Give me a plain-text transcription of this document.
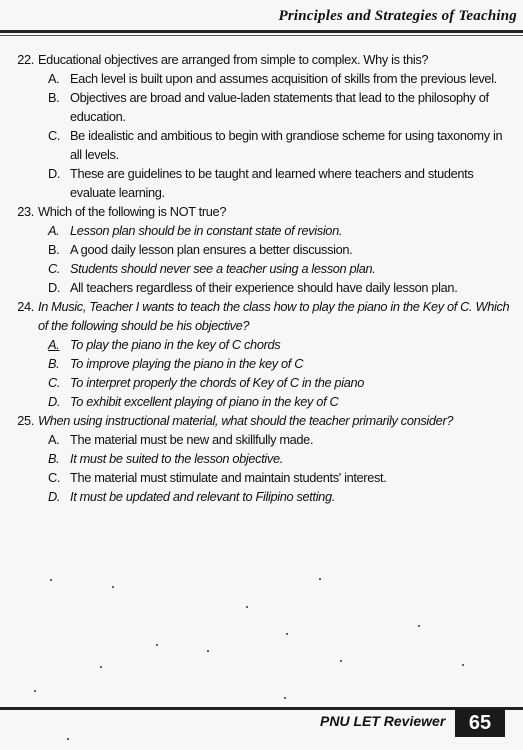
Principles and Strategies of Teaching
22. Educational objectives are arranged from simple to complex. Why is this?
A. Each level is built upon and assumes acquisition of skills from the previous level.
B. Objectives are broad and value-laden statements that lead to the philosophy of education.
C. Be idealistic and ambitious to begin with grandiose scheme for using taxonomy in all levels.
D. These are guidelines to be taught and learned where teachers and students evaluate learning.
23. Which of the following is NOT true?
A. Lesson plan should be in constant state of revision.
B. A good daily lesson plan ensures a better discussion.
C. Students should never see a teacher using a lesson plan.
D. All teachers regardless of their experience should have daily lesson plan.
24. In Music, Teacher I wants to teach the class how to play the piano in the Key of C. Which of the following should be his objective?
A. To play the piano in the key of C chords
B. To improve playing the piano in the key of C
C. To interpret properly the chords of Key of C in the piano
D. To exhibit excellent playing of piano in the key of C
25. When using instructional material, what should the teacher primarily consider?
A. The material must be new and skillfully made.
B. It must be suited to the lesson objective.
C. The material must stimulate and maintain students' interest.
D. It must be updated and relevant to Filipino setting.
PNU LET Reviewer	65
